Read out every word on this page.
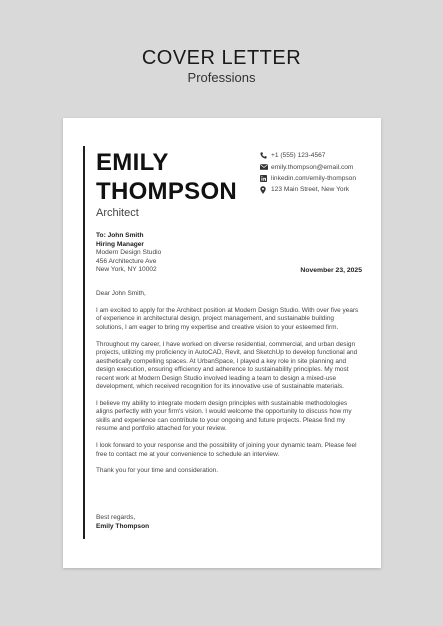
COVER LETTER
Professions
EMILY
THOMPSON
Architect
+1 (555) 123-4567
emily.thompson@email.com
linkedin.com/emily-thompson
123 Main Street, New York
To: John Smith
Hiring Manager
Modern Design Studio
456 Architecture Ave
New York, NY 10002	November 23, 2025

Dear John Smith,

I am excited to apply for the Architect position at Modern Design Studio. With over five years of experience in architectural design, project management, and sustainable building solutions, I am eager to bring my expertise and creative vision to your esteemed firm.

Throughout my career, I have worked on diverse residential, commercial, and urban design projects, utilizing my proficiency in AutoCAD, Revit, and SketchUp to develop functional and aesthetically compelling spaces. At UrbanSpace, I played a key role in site planning and design execution, ensuring efficiency and adherence to sustainability principles. My most recent work at Modern Design Studio involved leading a team to design a mixed-use development, which received recognition for its innovative use of sustainable materials.

I believe my ability to integrate modern design principles with sustainable methodologies aligns perfectly with your firm's vision. I would welcome the opportunity to discuss how my skills and experience can contribute to your ongoing and future projects. Please find my resume and portfolio attached for your review.

I look forward to your response and the possibility of joining your dynamic team. Please feel free to contact me at your convenience to schedule an interview.

Thank you for your time and consideration.

Best regards,
Emily Thompson
